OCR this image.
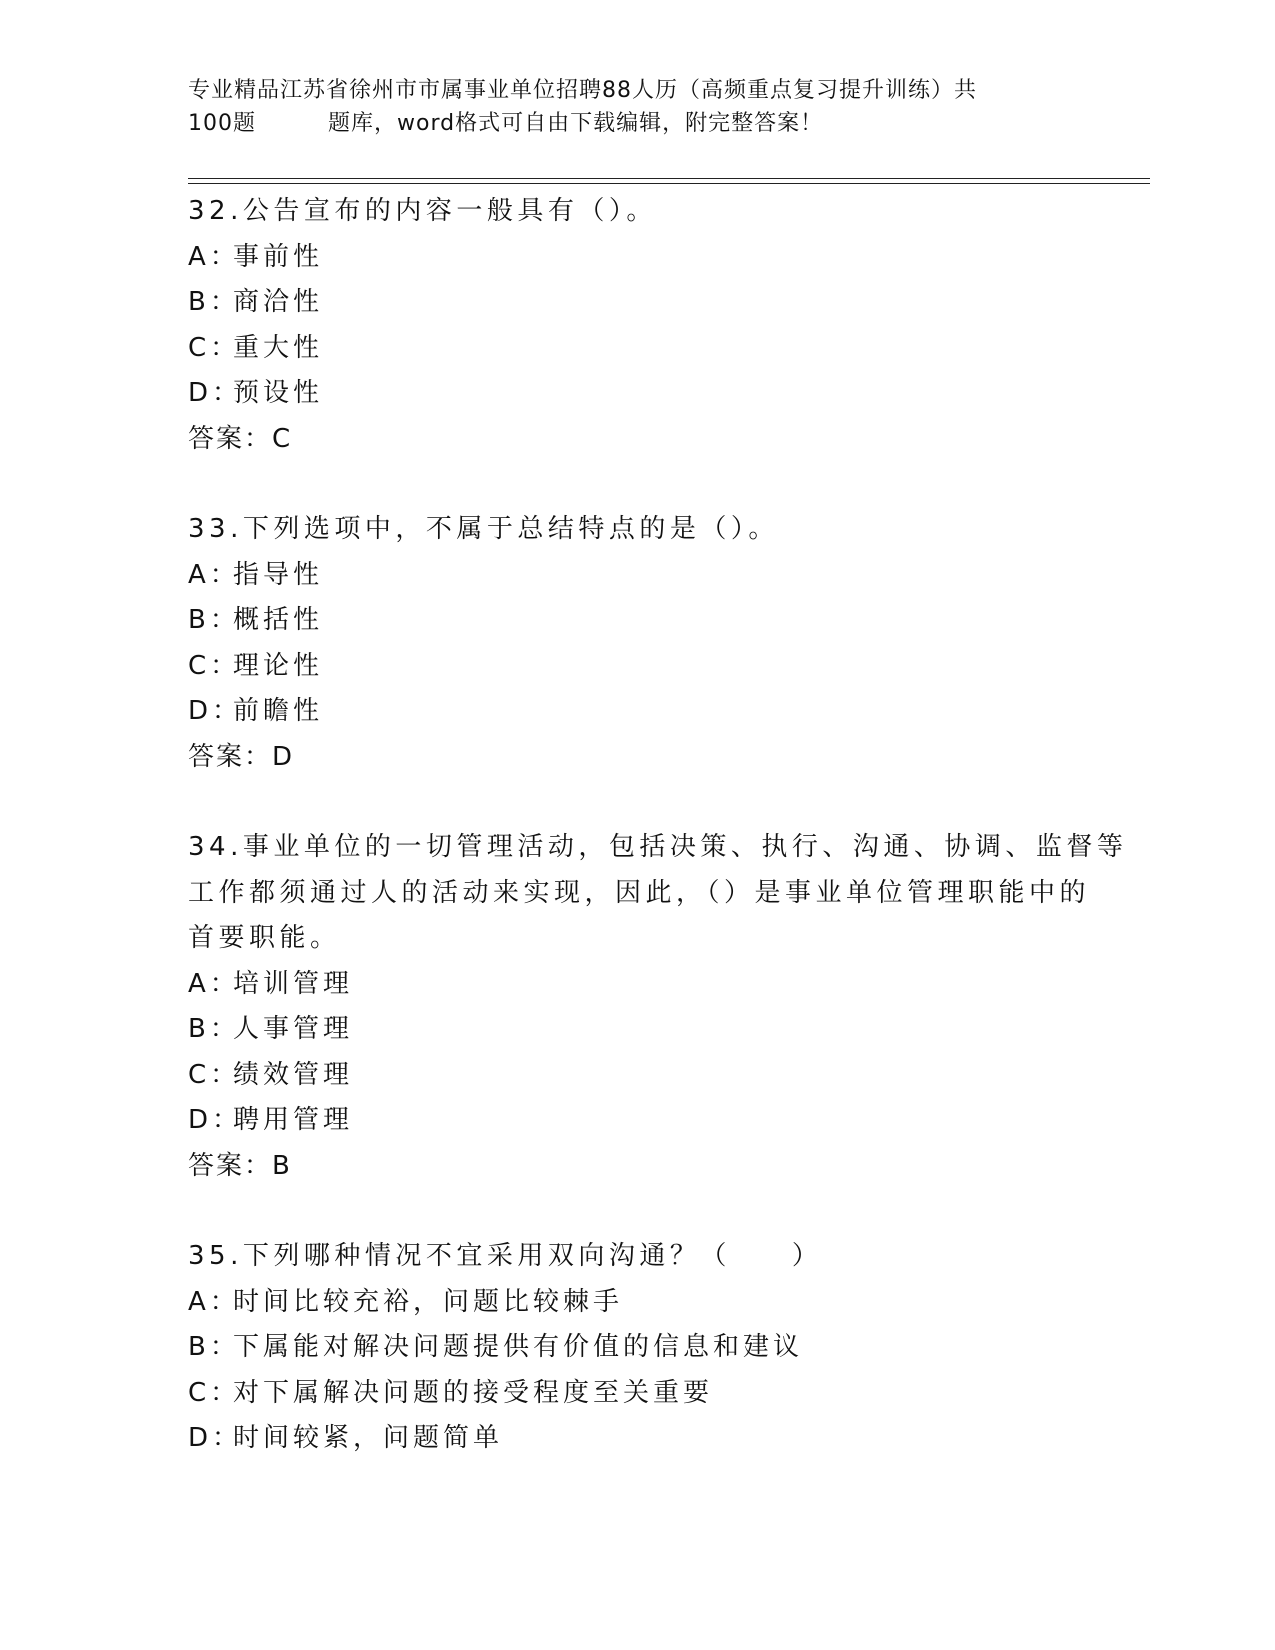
专业精品江苏省徐州市市属事业单位招聘88人历（高频重点复习提升训练）共
100题	题库，word格式可自由下载编辑，附完整答案！
32.公告宣布的内容一般具有（）。
A：事前性
B：商洽性
C：重大性
D：预设性
答案：C
33.下列选项中，不属于总结特点的是（）。
A：指导性
B：概括性
C：理论性
D：前瞻性
答案：D
34.事业单位的一切管理活动，包括决策、执行、沟通、协调、监督等
工作都须通过人的活动来实现，因此，（）是事业单位管理职能中的
首要职能。
A：培训管理
B：人事管理
C：绩效管理
D：聘用管理
答案：B
35.下列哪种情况不宜采用双向沟通？（　　）
A：时间比较充裕，问题比较棘手
B：下属能对解决问题提供有价值的信息和建议
C：对下属解决问题的接受程度至关重要
D：时间较紧，问题简单
